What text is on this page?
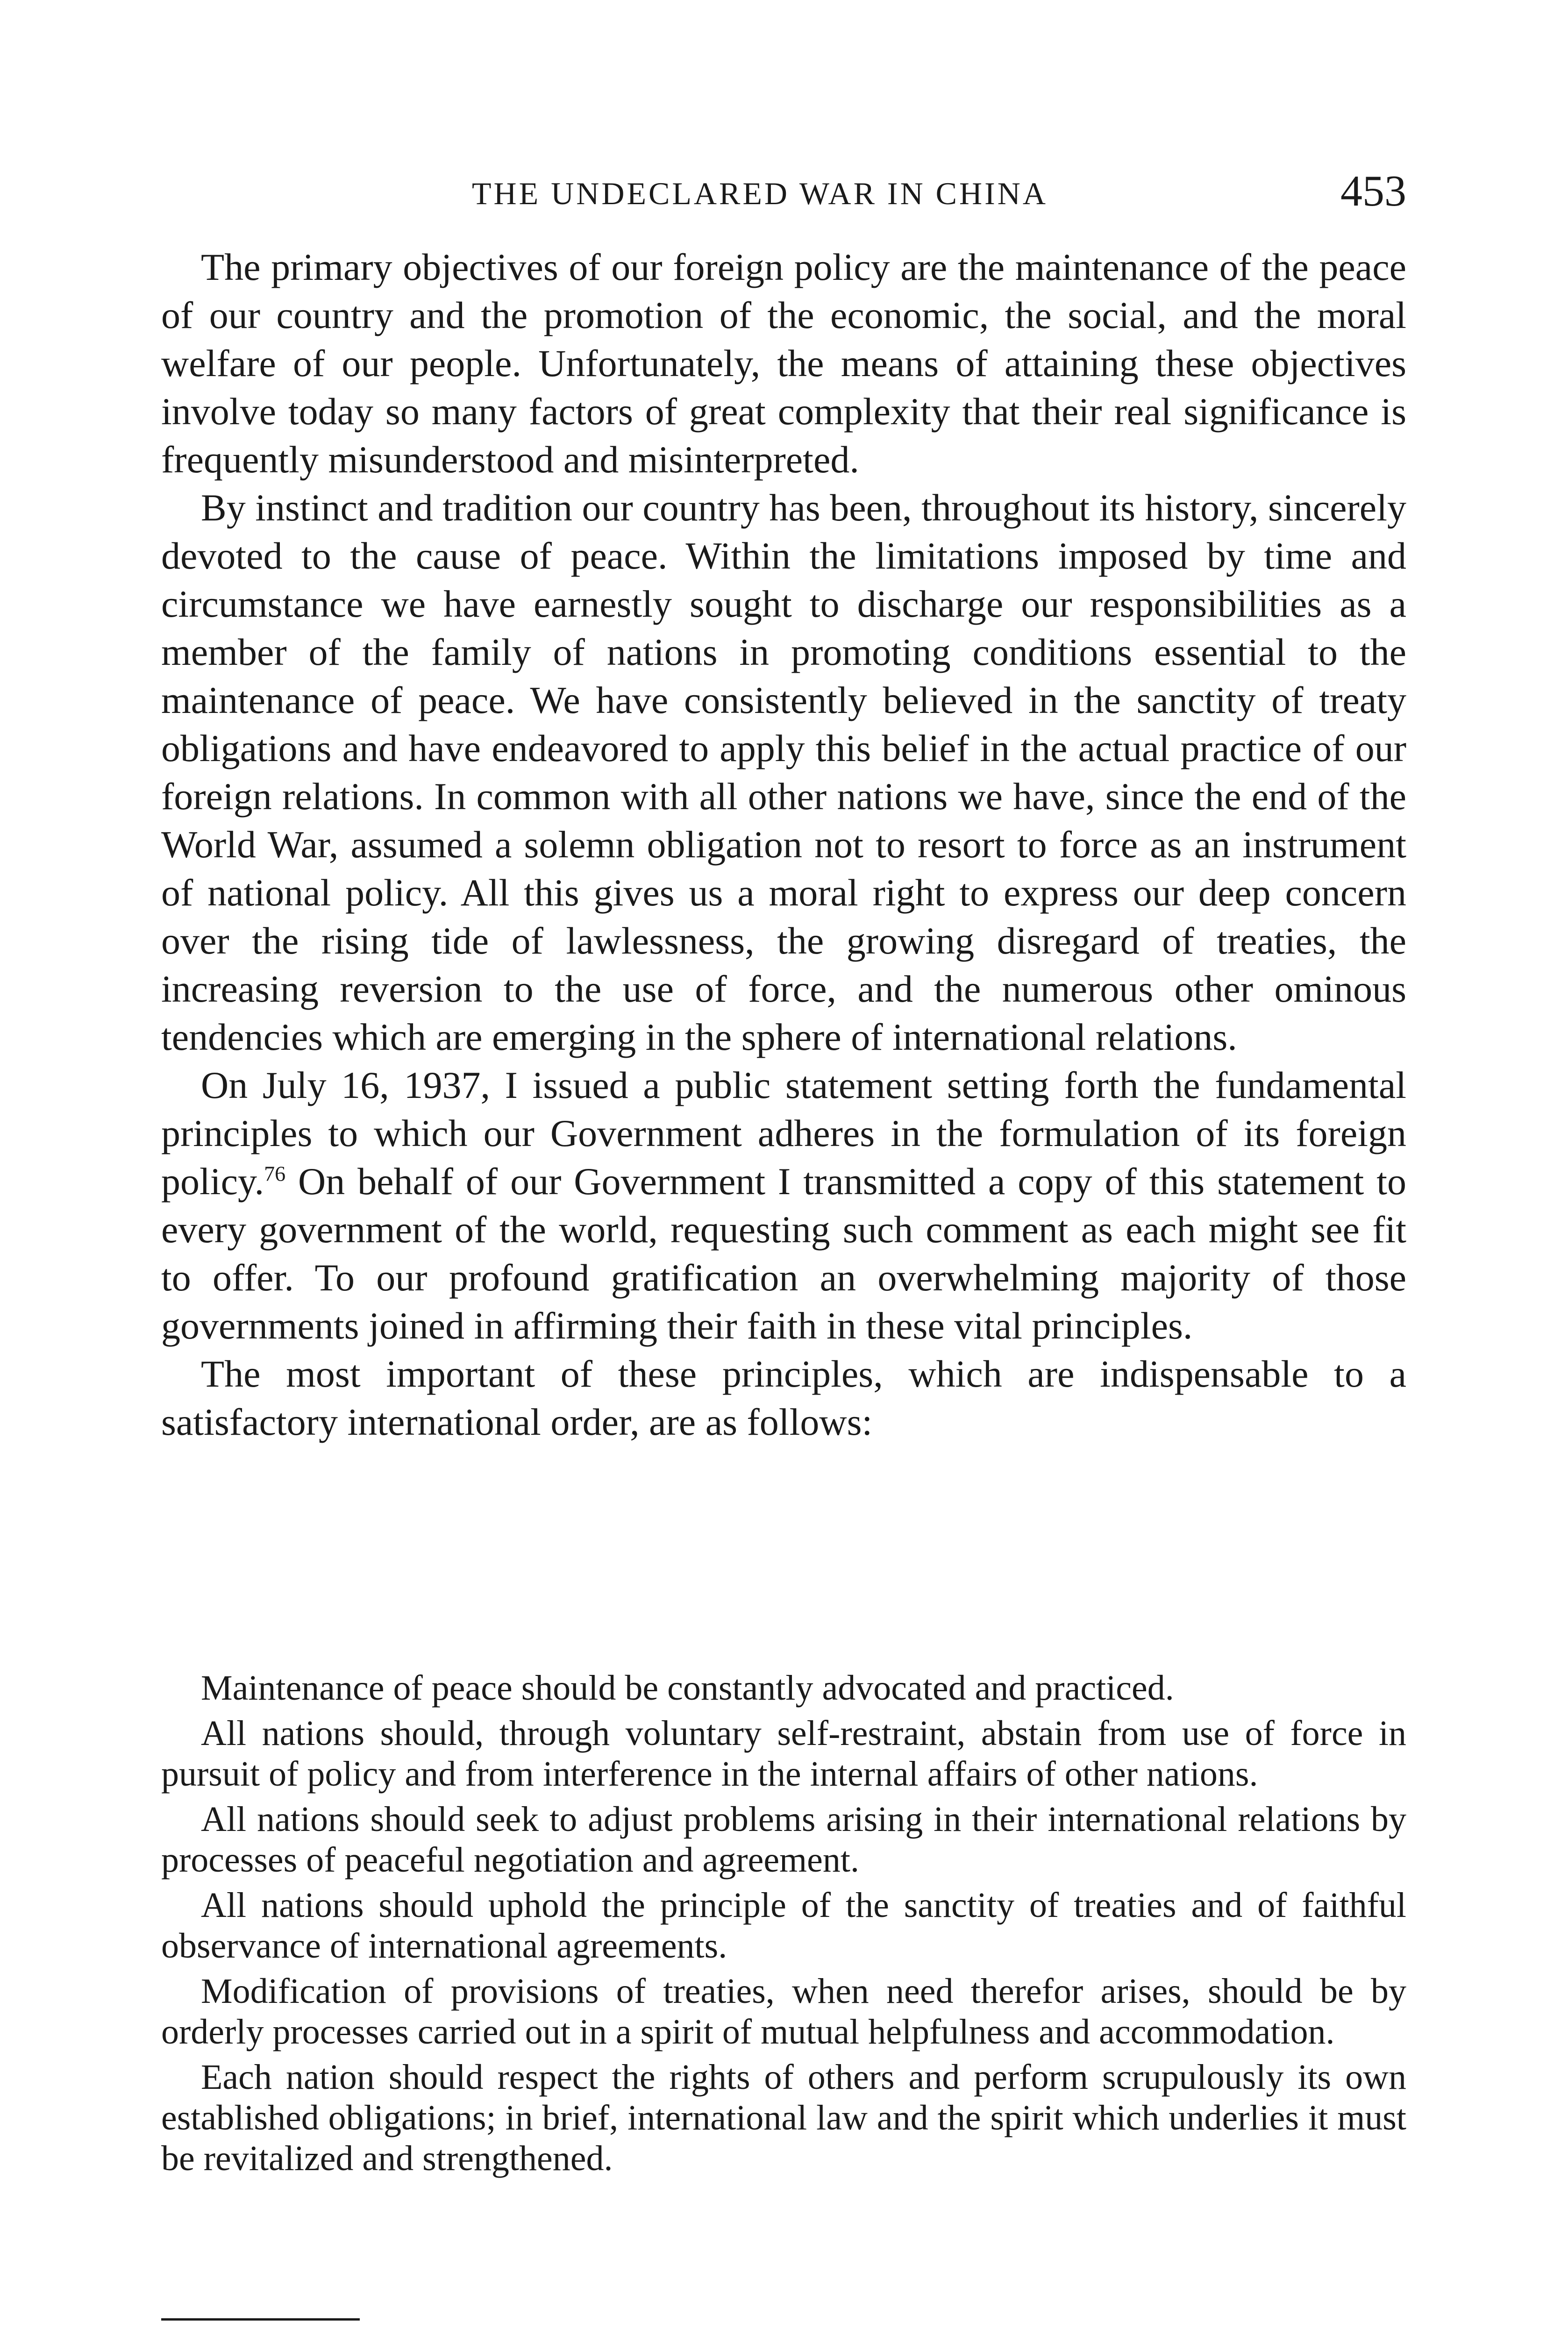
THE UNDECLARED WAR IN CHINA	453

The primary objectives of our foreign policy are the maintenance of the peace of our country and the promotion of the economic, the social, and the moral welfare of our people. Unfortunately, the means of attaining these objectives involve today so many factors of great complexity that their real significance is frequently misunderstood and misinterpreted.

By instinct and tradition our country has been, throughout its history, sincerely devoted to the cause of peace. Within the limitations imposed by time and circumstance we have earnestly sought to discharge our responsibilities as a member of the family of nations in promoting conditions essential to the maintenance of peace. We have consistently believed in the sanctity of treaty obligations and have endeavored to apply this belief in the actual practice of our foreign relations. In common with all other nations we have, since the end of the World War, assumed a solemn obligation not to resort to force as an instrument of national policy. All this gives us a moral right to express our deep concern over the rising tide of lawlessness, the growing disregard of treaties, the increasing reversion to the use of force, and the numerous other ominous tendencies which are emerging in the sphere of international relations.

On July 16, 1937, I issued a public statement setting forth the fundamental principles to which our Government adheres in the formulation of its foreign policy.$^{76}$ On behalf of our Government I transmitted a copy of this statement to every government of the world, requesting such comment as each might see fit to offer. To our profound gratification an overwhelming majority of those governments joined in affirming their faith in these vital principles.

The most important of these principles, which are indispensable to a satisfactory international order, are as follows:

Maintenance of peace should be constantly advocated and practiced.

All nations should, through voluntary self-restraint, abstain from use of force in pursuit of policy and from interference in the internal affairs of other nations.

All nations should seek to adjust problems arising in their international relations by processes of peaceful negotiation and agreement.

All nations should uphold the principle of the sanctity of treaties and of faithful observance of international agreements.

Modification of provisions of treaties, when need therefor arises, should be by orderly processes carried out in a spirit of mutual helpfulness and accommodation.

Each nation should respect the rights of others and perform scrupulously its own established obligations; in brief, international law and the spirit which underlies it must be revitalized and strengthened.
